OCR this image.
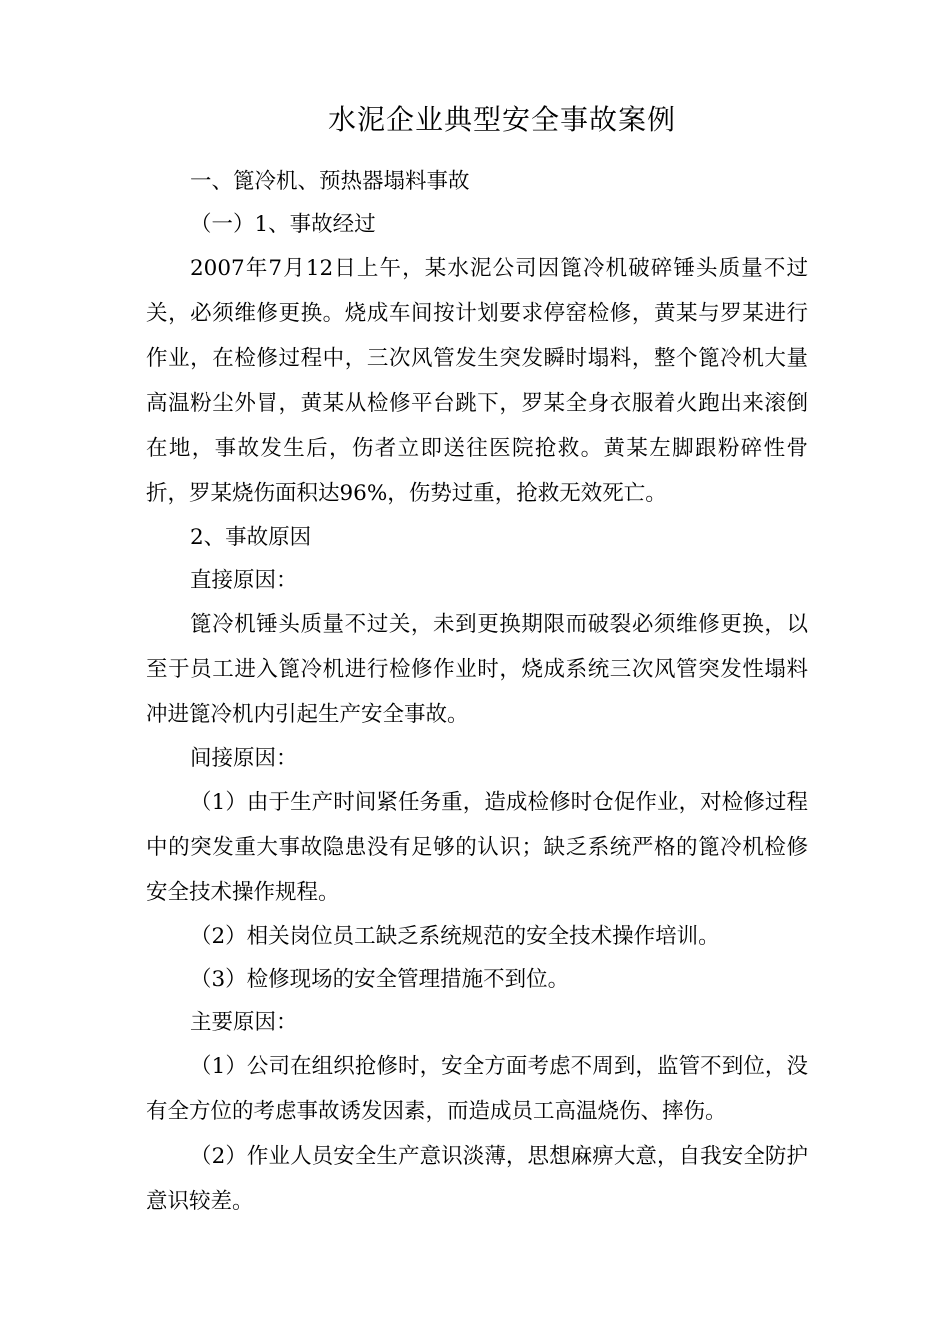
水泥企业典型安全事故案例

一、篦冷机、预热器塌料事故

（一）1、事故经过

2007年7月12日上午，某水泥公司因篦冷机破碎锤头质量不过关，必须维修更换。烧成车间按计划要求停窑检修，黄某与罗某进行作业，在检修过程中，三次风管发生突发瞬时塌料，整个篦冷机大量高温粉尘外冒，黄某从检修平台跳下，罗某全身衣服着火跑出来滚倒在地，事故发生后，伤者立即送往医院抢救。黄某左脚跟粉碎性骨折，罗某烧伤面积达96%，伤势过重，抢救无效死亡。

2、事故原因

直接原因：

篦冷机锤头质量不过关，未到更换期限而破裂必须维修更换，以至于员工进入篦冷机进行检修作业时，烧成系统三次风管突发性塌料冲进篦冷机内引起生产安全事故。

间接原因：

（1）由于生产时间紧任务重，造成检修时仓促作业，对检修过程中的突发重大事故隐患没有足够的认识；缺乏系统严格的篦冷机检修安全技术操作规程。

（2）相关岗位员工缺乏系统规范的安全技术操作培训。

（3）检修现场的安全管理措施不到位。

主要原因：

（1）公司在组织抢修时，安全方面考虑不周到，监管不到位，没有全方位的考虑事故诱发因素，而造成员工高温烧伤、摔伤。

（2）作业人员安全生产意识淡薄，思想麻痹大意，自我安全防护意识较差。
